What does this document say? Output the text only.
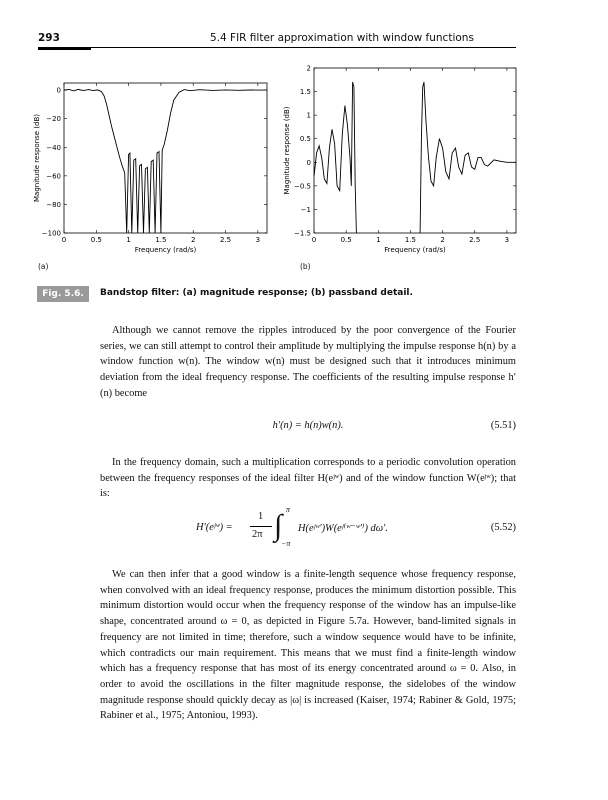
293	5.4 FIR filter approximation with window functions
0	0.5	1	1.5	2	2.5	3
0
−20
−40
−60
−80
−100
Frequency (rad/s)
Magnitude response (dB)
0	0.5	1	1.5	2	2.5	3
2
1.5
1
0.5
0
−0.5
−1
−1.5
Frequency (rad/s)
Magnitude response (dB)
(a)	(b)
Fig. 5.6.	Bandstop filter: (a) magnitude response; (b) passband detail.

Although we cannot remove the ripples introduced by the poor convergence of the Fourier series, we can still attempt to control their amplitude by multiplying the impulse response h(n) by a window function w(n). The window w(n) must be designed such that it introduces minimum deviation from the ideal frequency response. The coefficients of the resulting impulse response h′(n) become

h′(n) = h(n)w(n).	(5.51)

In the frequency domain, such a multiplication corresponds to a periodic convolution operation between the frequency responses of the ideal filter H(eʲʷ) and of the window function W(eʲʷ); that is:

H′(eʲʷ) =
1
2π ∫ π
−π
H(eʲʷ′)W(eʲ⁽ʷ⁻ʷ′⁾) dω′.	(5.52)

We can then infer that a good window is a finite-length sequence whose frequency response, when convolved with an ideal frequency response, produces the minimum distortion possible. This minimum distortion would occur when the frequency response of the window has an impulse-like shape, concentrated around ω = 0, as depicted in Figure 5.7a. However, band-limited signals in frequency are not limited in time; therefore, such a window sequence would have to be infinite, which contradicts our main requirement. This means that we must find a finite-length window which has a frequency response that has most of its energy concentrated around ω = 0. Also, in order to avoid the oscillations in the filter magnitude response, the sidelobes of the window magnitude response should quickly decay as |ω| is increased (Kaiser, 1974; Rabiner & Gold, 1975; Rabiner et al., 1975; Antoniou, 1993).
